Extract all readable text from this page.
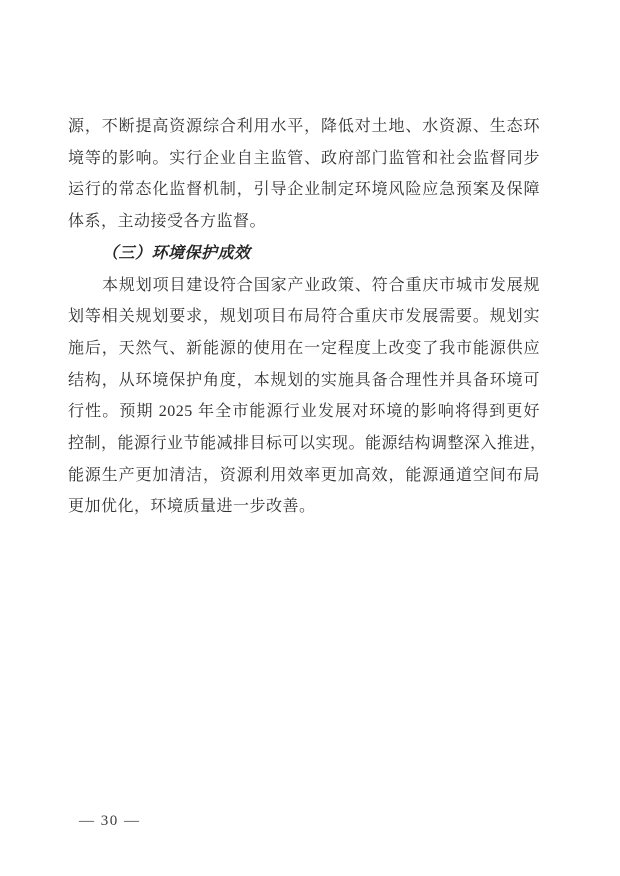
源，不断提高资源综合利用水平，降低对土地、水资源、生态环

境等的影响。实行企业自主监管、政府部门监管和社会监督同步

运行的常态化监督机制，引导企业制定环境风险应急预案及保障

体系，主动接受各方监督。

（三）环境保护成效

本规划项目建设符合国家产业政策、符合重庆市城市发展规

划等相关规划要求，规划项目布局符合重庆市发展需要。规划实

施后，天然气、新能源的使用在一定程度上改变了我市能源供应

结构，从环境保护角度，本规划的实施具备合理性并具备环境可

行性。预期 2025 年全市能源行业发展对环境的影响将得到更好

控制，能源行业节能减排目标可以实现。能源结构调整深入推进，

能源生产更加清洁，资源利用效率更加高效，能源通道空间布局

更加优化，环境质量进一步改善。

— 30 —
